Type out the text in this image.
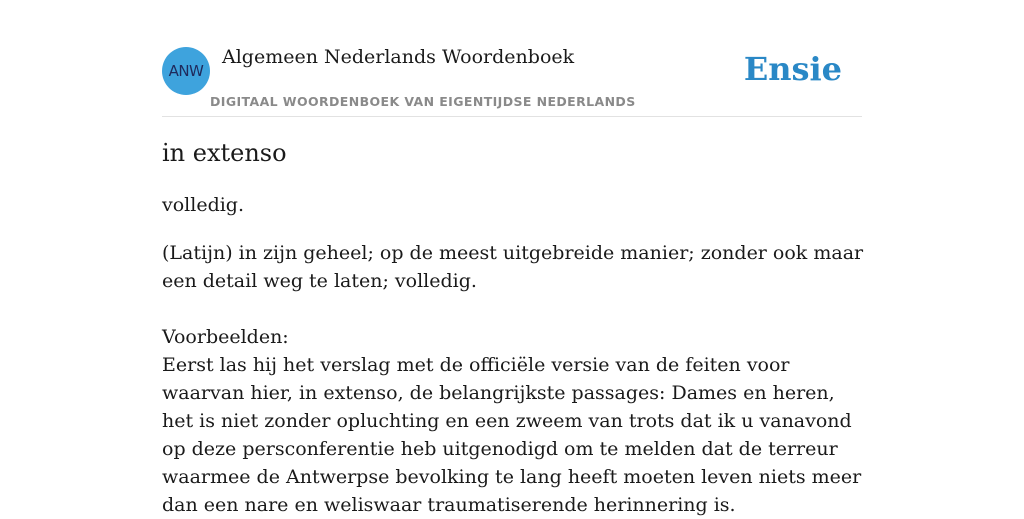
ANW
Algemeen Nederlands Woordenboek
DIGITAAL WOORDENBOEK VAN EIGENTIJDSE NEDERLANDS
Ensie
in extenso
volledig.

(Latijn) in zijn geheel; op de meest uitgebreide manier; zonder ook maar een detail weg te laten; volledig.

Voorbeelden:

Eerst las hij het verslag met de officiële versie van de feiten voor waarvan hier, in extenso, de belangrijkste passages: Dames en heren, het is niet zonder opluchting en een zweem van trots dat ik u vanavond op deze persconferentie heb uitgenodigd om te melden dat de terreur waarmee de Antwerpse bevolking te lang heeft moeten leven niets meer dan een nare en weliswaar traumatiserende herinnering is.
